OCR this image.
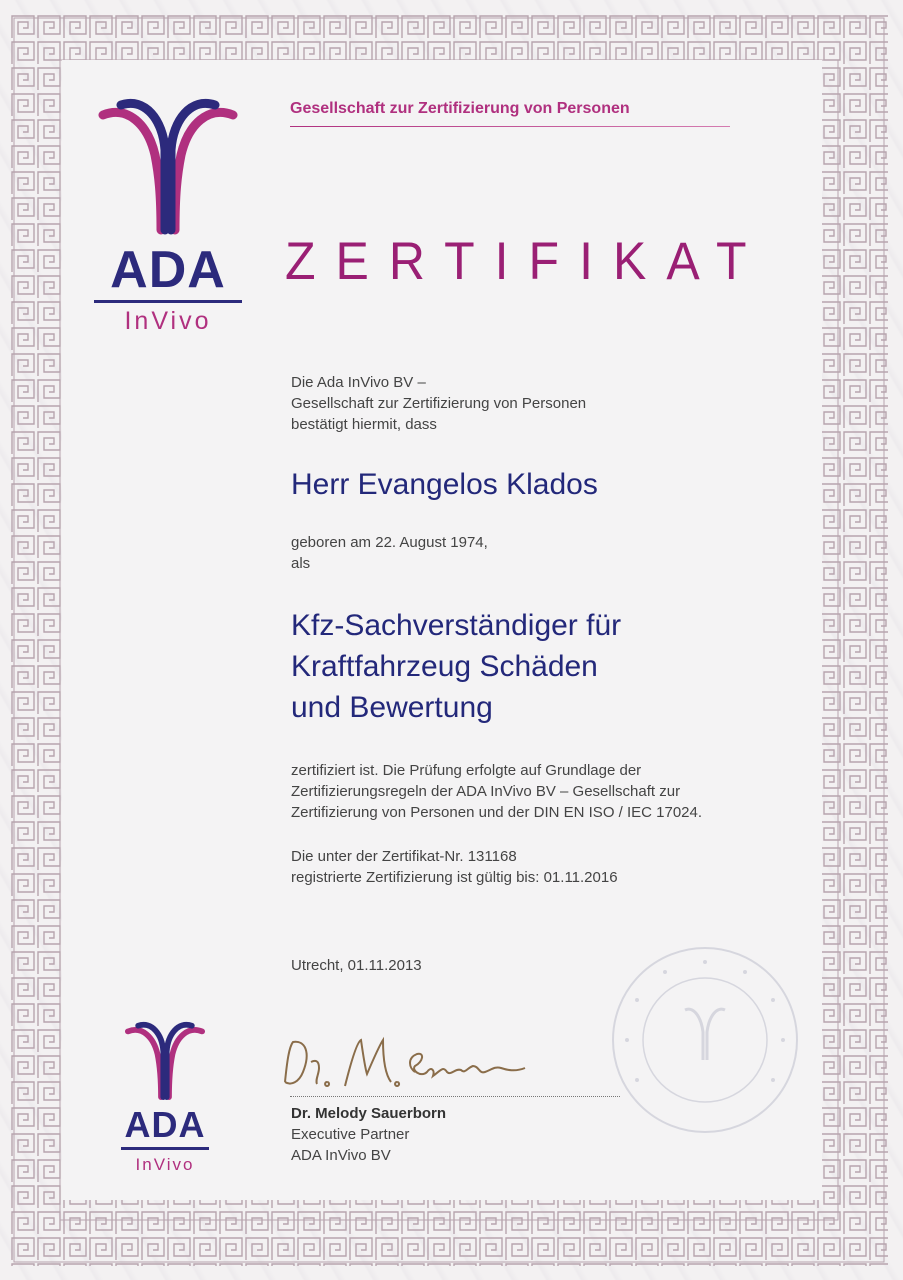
ADA
InVivo
Gesellschaft zur Zertifizierung von Personen
ZERTIFIKAT
Die Ada InVivo BV –
Gesellschaft zur Zertifizierung von Personen
bestätigt hiermit, dass
Herr Evangelos Klados
geboren am 22. August 1974,
als
Kfz-Sachverständiger für
Kraftfahrzeug Schäden
und Bewertung
zertifiziert ist. Die Prüfung erfolgte auf Grundlage der
Zertifizierungsregeln der ADA InVivo BV – Gesellschaft zur
Zertifizierung von Personen und der DIN EN ISO / IEC 17024.
Die unter der Zertifikat-Nr. 131168
registrierte Zertifizierung ist gültig bis: 01.11.2016
Utrecht, 01.11.2013
ADA
InVivo
Dr. Melody Sauerborn
Executive Partner
ADA InVivo BV
